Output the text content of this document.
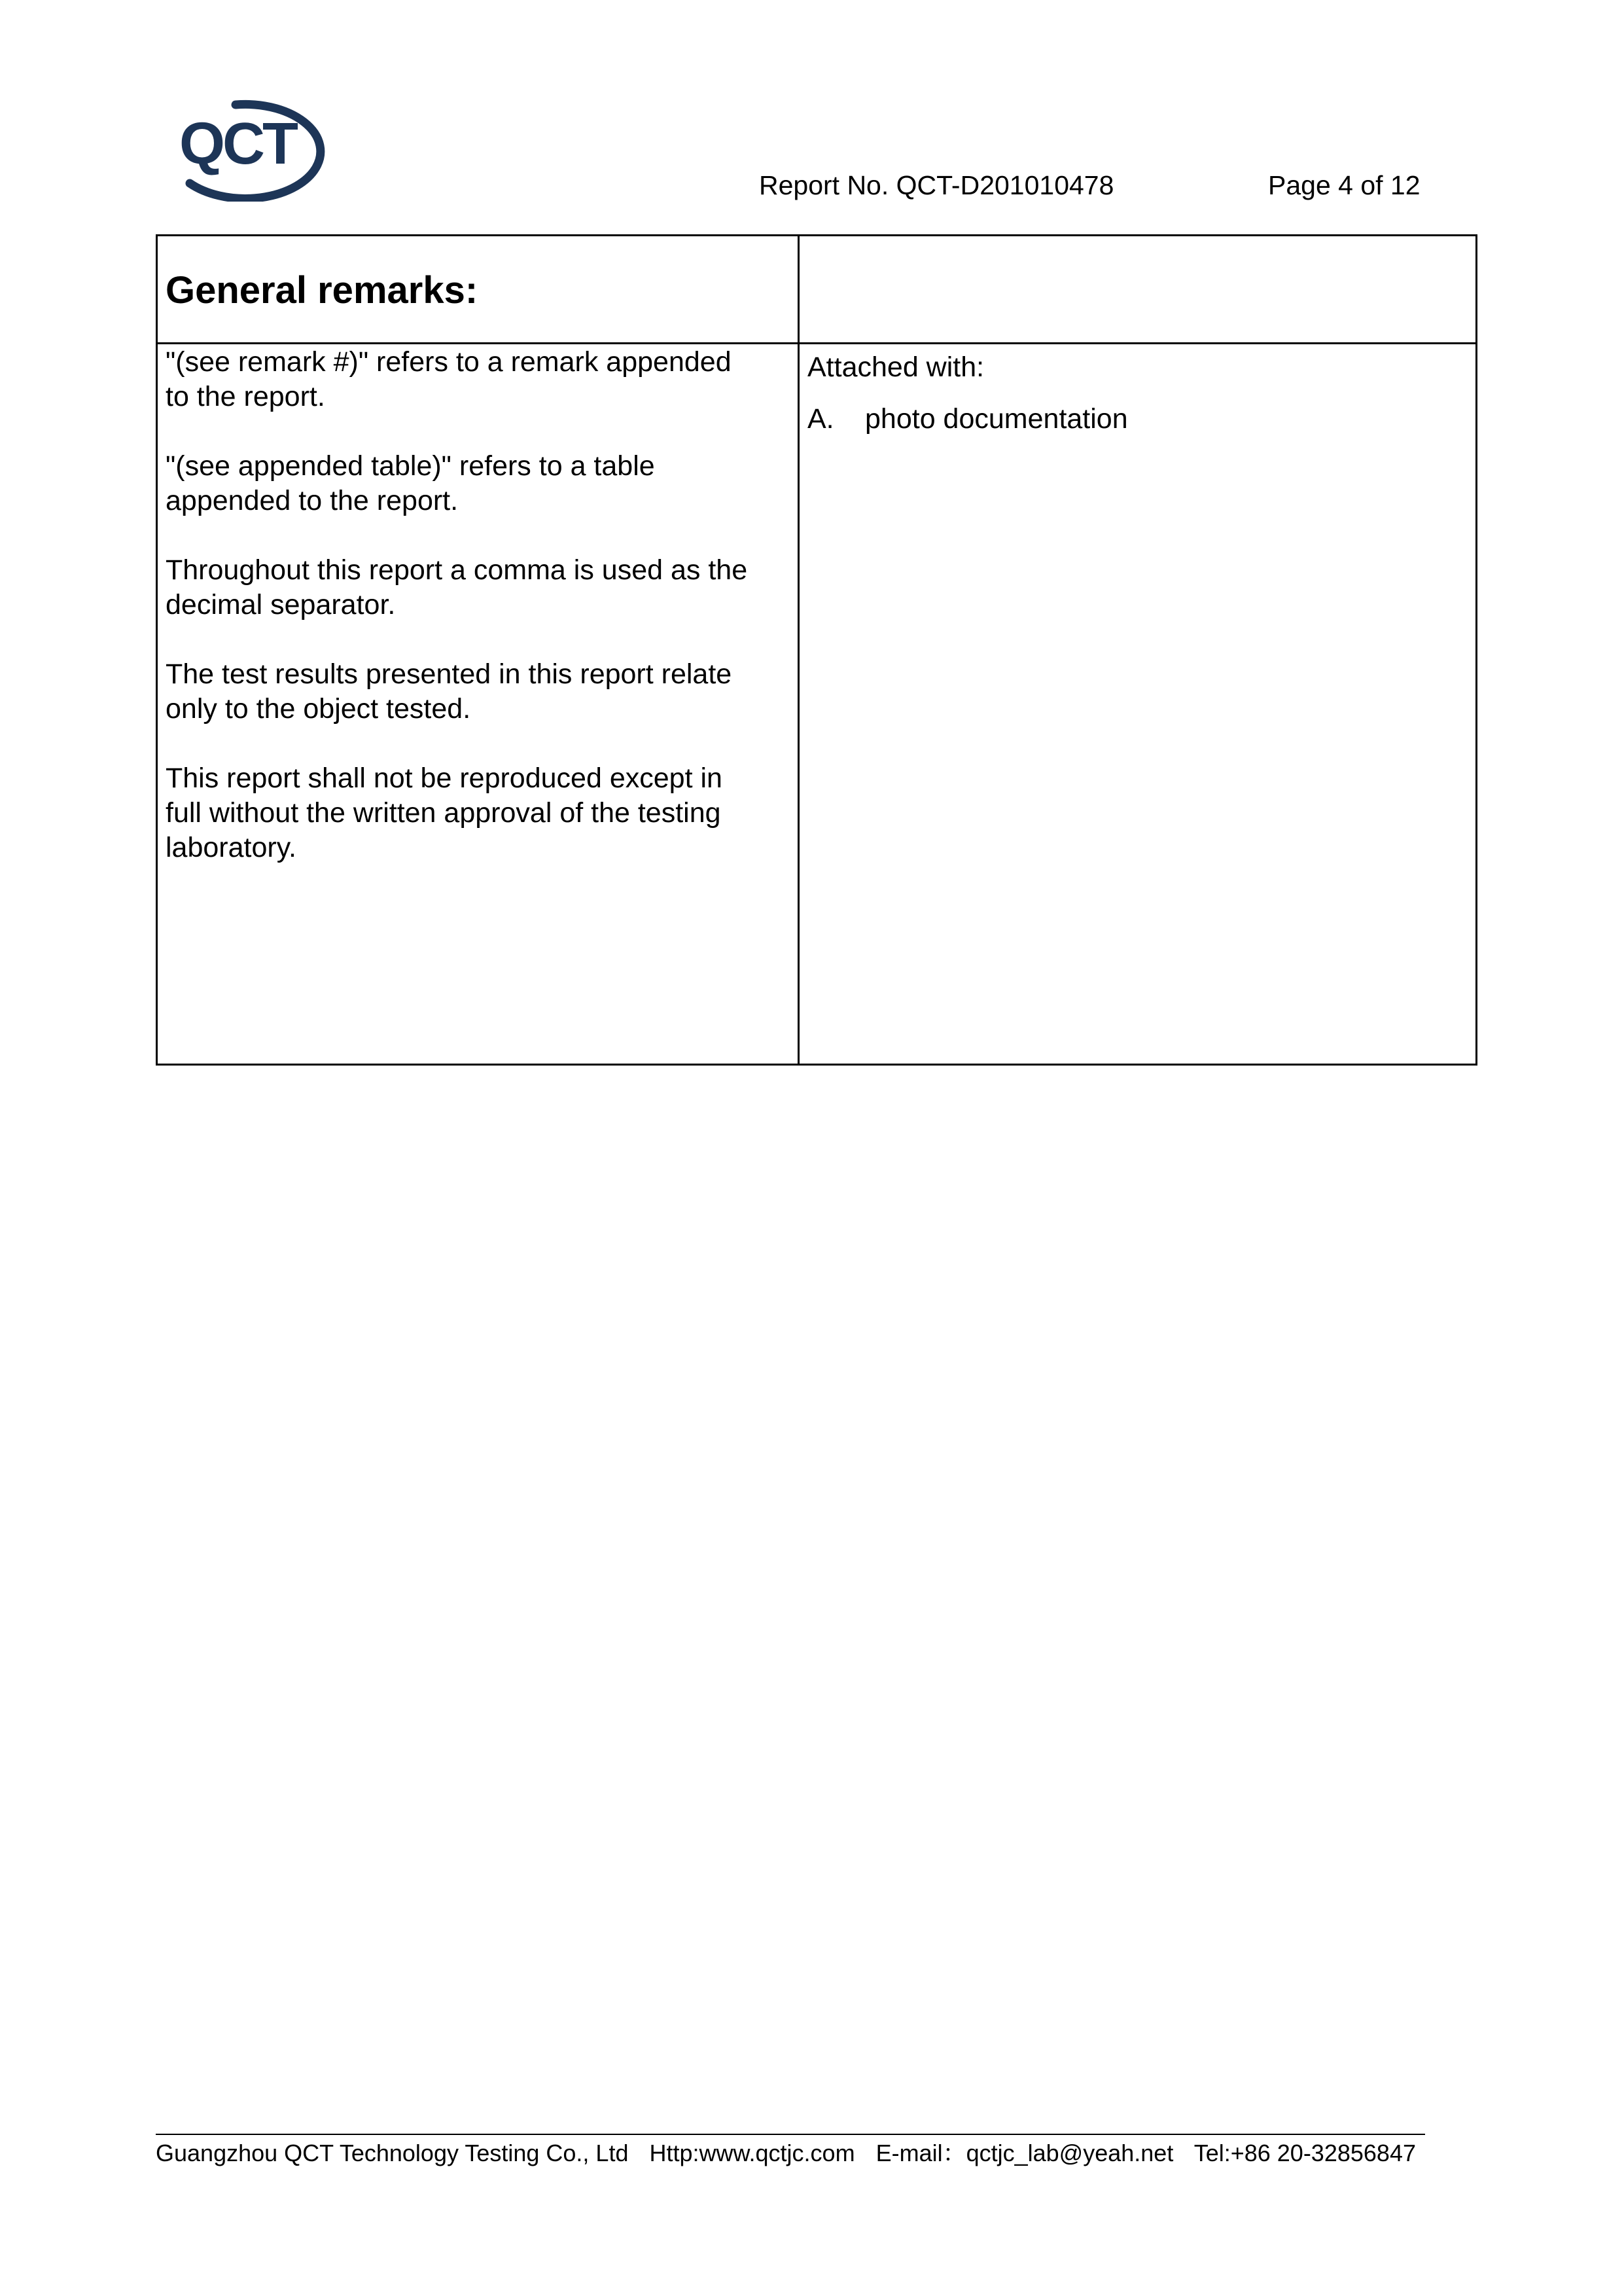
QCT
Report No. QCT-D201010478	Page 4 of 12
General remarks:

"(see remark #)" refers to a remark appended
to the report.

"(see appended table)" refers to a table
appended to the report.

Throughout this report a comma is used as the
decimal separator.

The test results presented in this report relate
only to the object tested.

This report shall not be reproduced except in
full without the written approval of the testing
laboratory.

Attached with:

A. photo documentation
Guangzhou QCT Technology Testing Co., Ltd Http:www.qctjc.com E-mail：qctjc_lab@yeah.net Tel:+86 20-32856847
